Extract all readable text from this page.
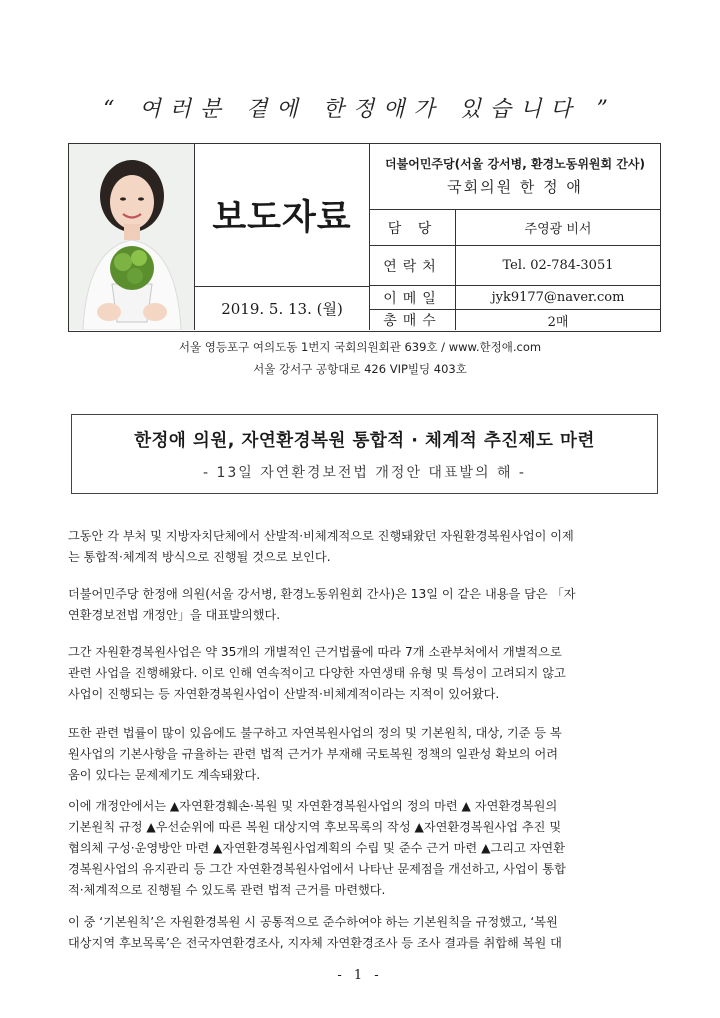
“ 여러분 곁에 한정애가 있습니다 ”
보도자료
2019. 5. 13. (월)
더불어민주당(서울 강서병, 환경노동위원회 간사)
국회의원 한 정 애
담 당	주영광 비서
연락처	Tel. 02-784-3051
이메일	jyk9177@naver.com
총매수	2매
서울 영등포구 여의도동 1번지 국회의원회관 639호 / www.한정애.com
서울 강서구 공항대로 426 VIP빌딩 403호
한정애 의원, 자연환경복원 통합적 · 체계적 추진제도 마련
- 13일 자연환경보전법 개정안 대표발의 해 -

그동안 각 부처 및 지방자치단체에서 산발적·비체계적으로 진행돼왔던 자원환경복원사업이 이제
는 통합적·체계적 방식으로 진행될 것으로 보인다.

더불어민주당 한정애 의원(서울 강서병, 환경노동위원회 간사)은 13일 이 같은 내용을 담은 「자
연환경보전법 개정안」을 대표발의했다.

그간 자원환경복원사업은 약 35개의 개별적인 근거법률에 따라 7개 소관부처에서 개별적으로
관련 사업을 진행해왔다. 이로 인해 연속적이고 다양한 자연생태 유형 및 특성이 고려되지 않고
사업이 진행되는 등 자연환경복원사업이 산발적·비체계적이라는 지적이 있어왔다.

또한 관련 법률이 많이 있음에도 불구하고 자연복원사업의 정의 및 기본원칙, 대상, 기준 등 복
원사업의 기본사항을 규율하는 관련 법적 근거가 부재해 국토복원 정책의 일관성 확보의 어려
움이 있다는 문제제기도 계속돼왔다.

이에 개정안에서는 ▲자연환경훼손·복원 및 자연환경복원사업의 정의 마련 ▲ 자연환경복원의
기본원칙 규정 ▲우선순위에 따른 복원 대상지역 후보목록의 작성 ▲자연환경복원사업 추진 및
협의체 구성·운영방안 마련 ▲자연환경복원사업계획의 수립 및 준수 근거 마련 ▲그리고 자연환
경복원사업의 유지관리 등 그간 자연환경복원사업에서 나타난 문제점을 개선하고, 사업이 통합
적·체계적으로 진행될 수 있도록 관련 법적 근거를 마련했다.

이 중 ‘기본원칙’은 자원환경복원 시 공통적으로 준수하여야 하는 기본원칙을 규정했고, ‘복원
대상지역 후보목록’은 전국자연환경조사, 지자체 자연환경조사 등 조사 결과를 취합해 복원 대

- 1 -
